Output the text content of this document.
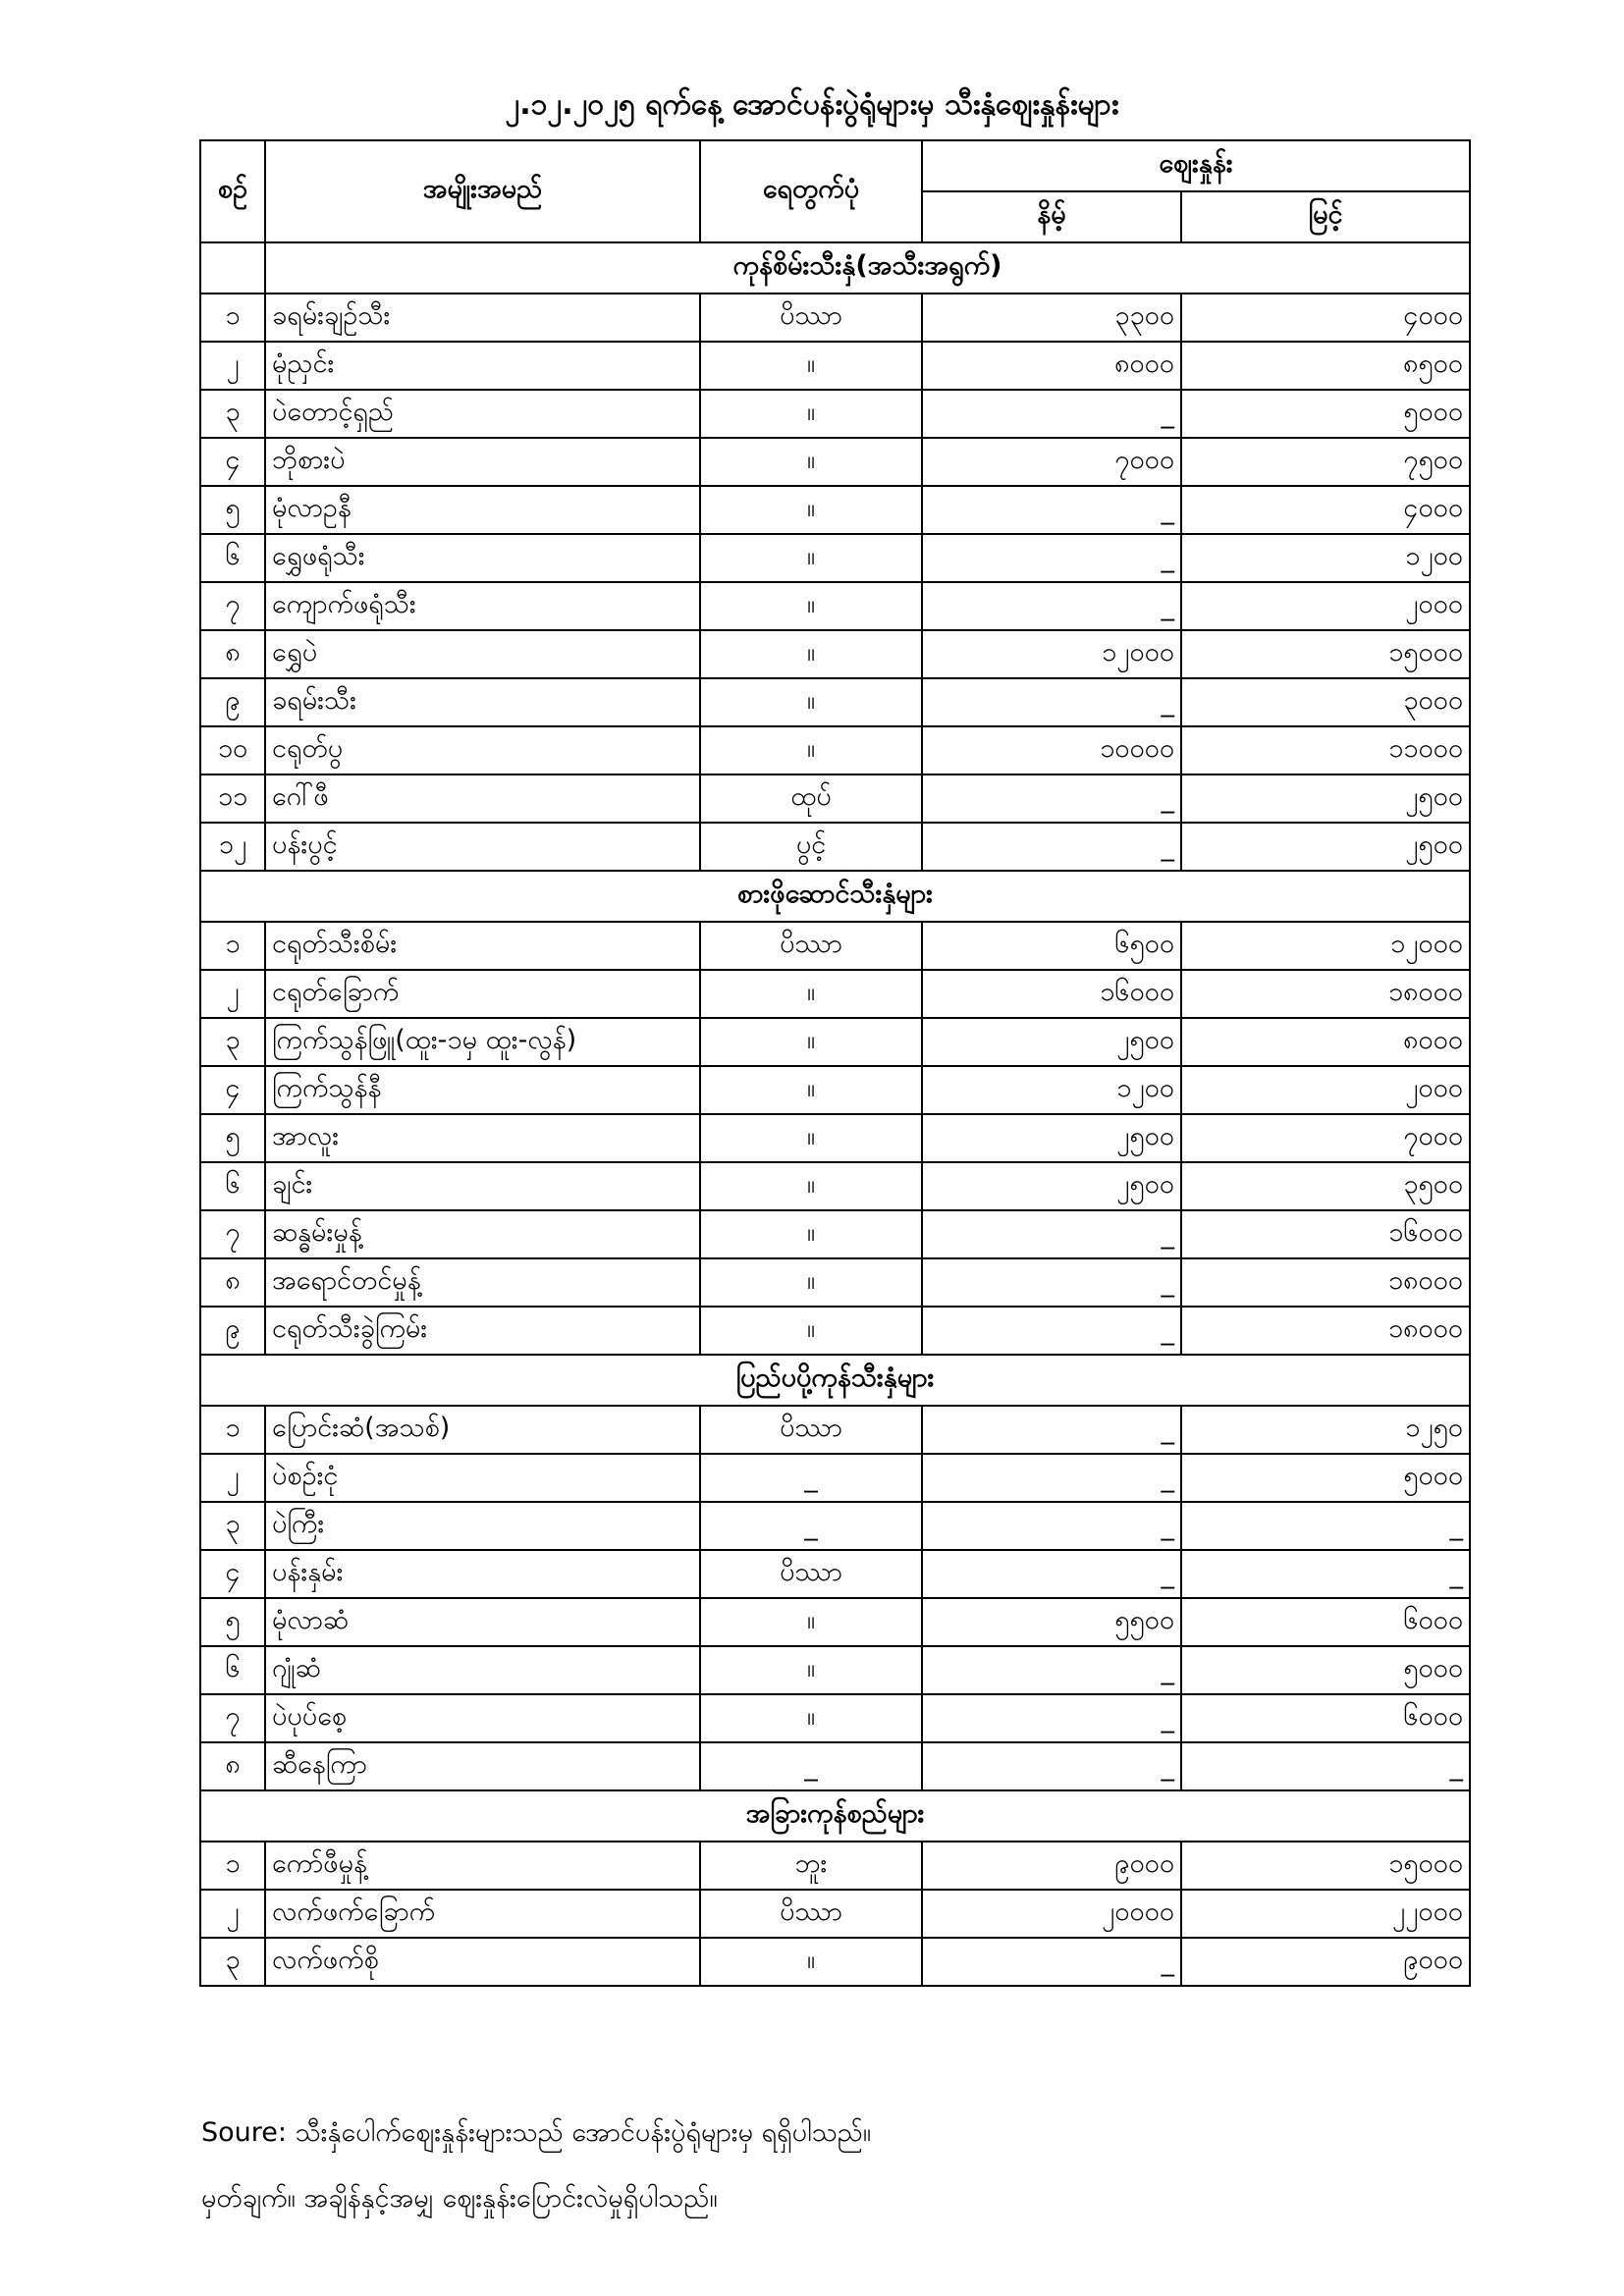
၂.၁၂.၂၀၂၅ ရက်နေ့ အောင်ပန်းပွဲရုံများမှ သီးနှံဈေးနှုန်းများ
စဉ်	အမျိုးအမည်	ရေတွက်ပုံ	ဈေးနှုန်း	
			နိမ့်	မြင့်
	ကုန်စိမ်းသီးနှံ(အသီးအရွက်)			
၁	ခရမ်းချဉ်သီး	ပိဿာ	၃၃၀၀	၄၀၀၀
၂	မုံညှင်း	။	၈၀၀၀	၈၅၀၀
၃	ပဲတောင့်ရှည်	။	_	၅၀၀၀
၄	ဘိုစားပဲ	။	၇၀၀၀	၇၅၀၀
၅	မုံလာဥနီ	။	_	၄၀၀၀
၆	ရွှေဖရုံသီး	။	_	၁၂၀၀
၇	ကျောက်ဖရုံသီး	။	_	၂၀၀၀
၈	ရွှေပဲ	။	၁၂၀၀၀	၁၅၀၀၀
၉	ခရမ်းသီး	။	_	၃၀၀၀
၁၀	ငရုတ်ပွ	။	၁၀၀၀၀	၁၁၀၀၀
၁၁	ဂေါ်ဖီ	ထုပ်	_	၂၅၀၀
၁၂	ပန်းပွင့်	ပွင့်	_	၂၅၀၀
စားဖိုဆောင်သီးနှံများ				
၁	ငရုတ်သီးစိမ်း	ပိဿာ	၆၅၀၀	၁၂၀၀၀
၂	ငရုတ်ခြောက်	။	၁၆၀၀၀	၁၈၀၀၀
၃	ကြက်သွန်ဖြူ(ထူး-၁မှ ထူး-လွန်)	။	၂၅၀၀	၈၀၀၀
၄	ကြက်သွန်နီ	။	၁၂၀၀	၂၀၀၀
၅	အာလူး	။	၂၅၀၀	၇၀၀၀
၆	ချင်း	။	၂၅၀၀	၃၅၀၀
၇	ဆန္ဓမ်းမှုန့်	။	_	၁၆၀၀၀
၈	အရောင်တင်မှုန့်	။	_	၁၈၀၀၀
၉	ငရုတ်သီးခွဲကြမ်း	။	_	၁၈၀၀၀
ပြည်ပပို့ကုန်သီးနှံများ				
၁	ပြောင်းဆံ(အသစ်)	ပိဿာ	_	၁၂၅၀
၂	ပဲစဥ်းငုံ	_	_	၅၀၀၀
၃	ပဲကြီး	_	_	_
၄	ပန်းနှမ်း	ပိဿာ	_	_
၅	မုံလာဆံ	။	၅၅၀၀	၆၀၀၀
၆	ဂျုံဆံ	။	_	၅၀၀၀
၇	ပဲပုပ်စေ့	။	_	၆၀၀၀
၈	ဆီနေကြာ	_	_	_
အခြားကုန်စည်များ				
၁	ကော်ဖီမှုန့်	ဘူး	၉၀၀၀	၁၅၀၀၀
၂	လက်ဖက်ခြောက်	ပိဿာ	၂၀၀၀၀	၂၂၀၀၀
၃	လက်ဖက်စို	။	_	၉၀၀၀
Soure: သီးနှံပေါက်ဈေးနှုန်းများသည် အောင်ပန်းပွဲရုံများမှ ရရှိပါသည်။
မှတ်ချက်။ အချိန်နှင့်အမျှ ဈေးနှုန်းပြောင်းလဲမှုရှိပါသည်။
